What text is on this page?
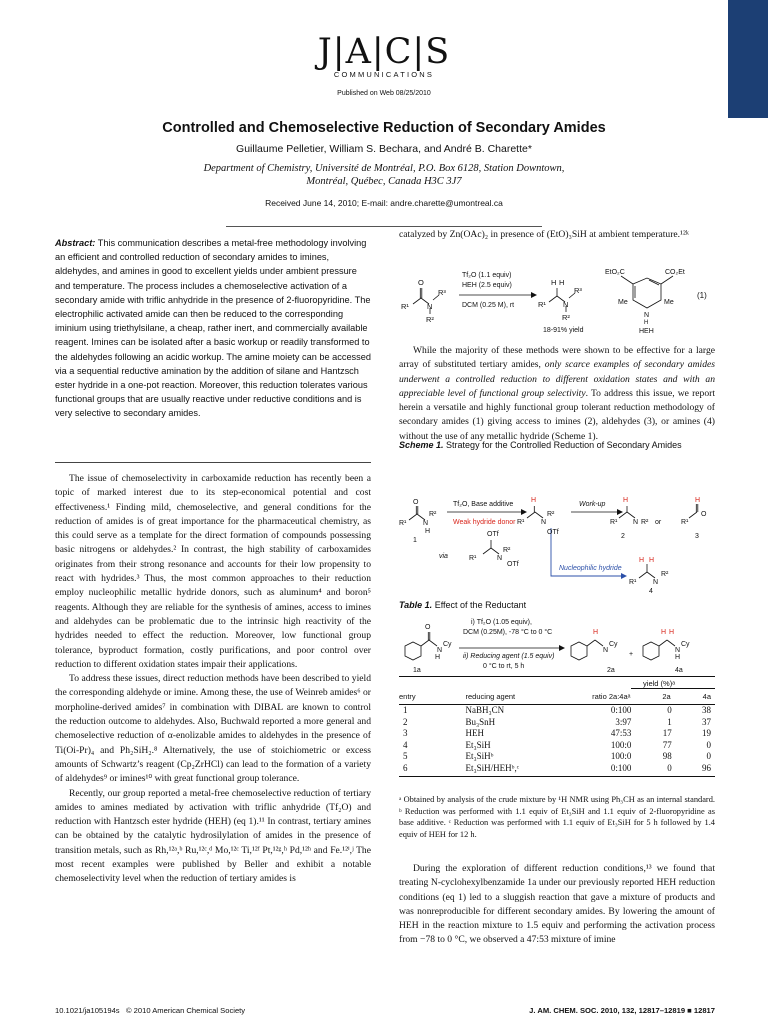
J|A|C|S
COMMUNICATIONS
Published on Web 08/25/2010
Controlled and Chemoselective Reduction of Secondary Amides
Guillaume Pelletier, William S. Bechara, and André B. Charette*
Department of Chemistry, Université de Montréal, P.O. Box 6128, Station Downtown,
Montréal, Québec, Canada H3C 3J7
Received June 14, 2010; E-mail: andre.charette@umontreal.ca
Abstract: This communication describes a metal-free methodology involving an efficient and controlled reduction of secondary amides to imines, aldehydes, and amines in good to excellent yields under ambient pressure and temperature. The process includes a chemoselective activation of a secondary amide with triflic anhydride in the presence of 2-fluoropyridine. The electrophilic activated amide can then be reduced to the corresponding iminium using triethylsilane, a cheap, rather inert, and commercially available reagent. Imines can be isolated after a basic workup or readily transformed to the aldehydes following an acidic workup. The amine moiety can be accessed via a sequential reductive amination by the addition of silane and Hantzsch ester hydride in a one-pot reaction. Moreover, this reduction tolerates various functional groups that are usually reactive under reductive conditions and is very selective to secondary amides.

The issue of chemoselectivity in carboxamide reduction has recently been a topic of marked interest due to its step-economical potential and cost effectiveness.¹ Finding mild, chemoselective, and general conditions for the reduction of amides is of great importance for the pharmaceutical chemistry, as this could serve as a template for the direct formation of compounds possessing basic nitrogens or aldehydes.² In contrast, the high stability of carboxamides originates from their strong resonance and accounts for their low propensity to react with hydrides.³ Thus, the most common approaches to their reduction employ nucleophilic metallic hydride donors, such as aluminum⁴ and boron⁵ reagents. Although they are reliable for the synthesis of amines, access to imines and aldehydes can be problematic due to the intrinsic high reactivity of the hydrides needed to effect the reduction. Moreover, low functional group tolerance, byproduct formation, costly purifications, and poor control over reduction to different oxidation states impair their applications.

To address these issues, direct reduction methods have been described to yield the corresponding aldehyde or imine. Among these, the use of Weinreb amides⁶ or morpholine-derived amides⁷ in combination with DIBAL are known to control the reduction outcome to aldehydes. Also, Buchwald reported a more general and chemoselective reduction of α-enolizable amides to aldehydes in the presence of Ti(Oi-Pr)₄ and Ph₂SiH₂.⁸ Alternatively, the use of stoichiometric or excess amounts of Schwartz’s reagent (Cp₂ZrHCl) can lead to the formation of a variety of aldehydes⁹ or imines¹⁰ with great functional group tolerance.

Recently, our group reported a metal-free chemoselective reduction of tertiary amides to amines mediated by activation with triflic anhydride (Tf₂O) and reduction with Hantzsch ester hydride (HEH) (eq 1).¹¹ In contrast, tertiary amines can be obtained by the catalytic hydrosilylation of amides in the presence of transition metals, such as Rh,¹²ᵃ,ᵇ Ru,¹²ᶜ,ᵈ Mo,¹²ᶜ Ti,¹²ᶠ Pt,¹²ᵍ,ʰ Pd,¹²ʰ and Fe.¹²ⁱ,ʲ The most recent examples were published by Beller and exhibit a notable chemoselectivity level when the reduction of tertiary amides is

catalyzed by Zn(OAc)₂ in presence of (EtO)₃SiH at ambient temperature.¹²ᵏ

O
R¹ N
R³
R²
Tf₂O (1.1 equiv)
HEH (2.5 equiv)
DCM (0.25 M), rt
H H
R¹ N
R³
R²
18-91% yield
EtO₂C	CO₂Et
Me	Me
N
H
HEH
(1)

While the majority of these methods were shown to be effective for a large array of substituted tertiary amides, only scarce examples of secondary amides underwent a controlled reduction to different oxidation states and with an appreciable level of functional group selectivity. To address this issue, we report herein a versatile and highly functional group tolerant reduction methodology of secondary amides (1) giving access to imines (2), aldehydes (3), or amines (4) without the use of any metallic hydride (Scheme 1).

Scheme 1. Strategy for the Controlled Reduction of Secondary Amides
O
R¹ N
R²
H
1
Tf₂O, Base additive
Weak hydride donor
H
R¹ N
R²
OTf
Work-up
H
R¹ N R² or
2
H
R¹
O
3
OTf
via	R¹	N
R²
OTf
Nucleophilic hydride
H H
R¹ N
R²
4
Table 1. Effect of the Reductant
O
N
Cy
H
1a
i) Tf₂O (1.05 equiv),
DCM (0.25M), -78 °C to 0 °C
ii) Reducing agent (1.5 equiv)
0 °C to rt, 5 h
H
N
Cy
2a
+
H H
N
Cy
H
4a
yield (%)ᵃ
entry	reducing agent	ratio 2a:4aᵃ	2a	4a

1	NaBH₃CN	0:100	0	38
2	Bu₃SnH	3:97	1	37
3	HEH	47:53	17	19
4	Et₃SiH	100:0	77	0
5	Et₃SiHᵇ	100:0	98	0
6	Et₃SiH/HEHᵇ,ᶜ	0:100	0	96
ᵃ Obtained by analysis of the crude mixture by ¹H NMR using Ph₃CH as an internal standard. ᵇ Reduction was performed with 1.1 equiv of Et₃SiH and 1.1 equiv of 2-fluoropyridine as base additive. ᶜ Reduction was performed with 1.1 equiv of Et₃SiH for 5 h followed by 1.4 equiv of HEH for 12 h.

During the exploration of different reduction conditions,¹³ we found that treating N-cyclohexylbenzamide 1a under our previously reported HEH reduction conditions (eq 1) led to a sluggish reaction that gave a mixture of products and was nonreproducible for different secondary amides. By lowering the amount of HEH in the reaction mixture to 1.5 equiv and performing the activation process from −78 to 0 °C, we observed a 47:53 mixture of imine

10.1021/ja105194s © 2010 American Chemical Society	J. AM. CHEM. SOC. 2010, 132, 12817–12819 ■ 12817
